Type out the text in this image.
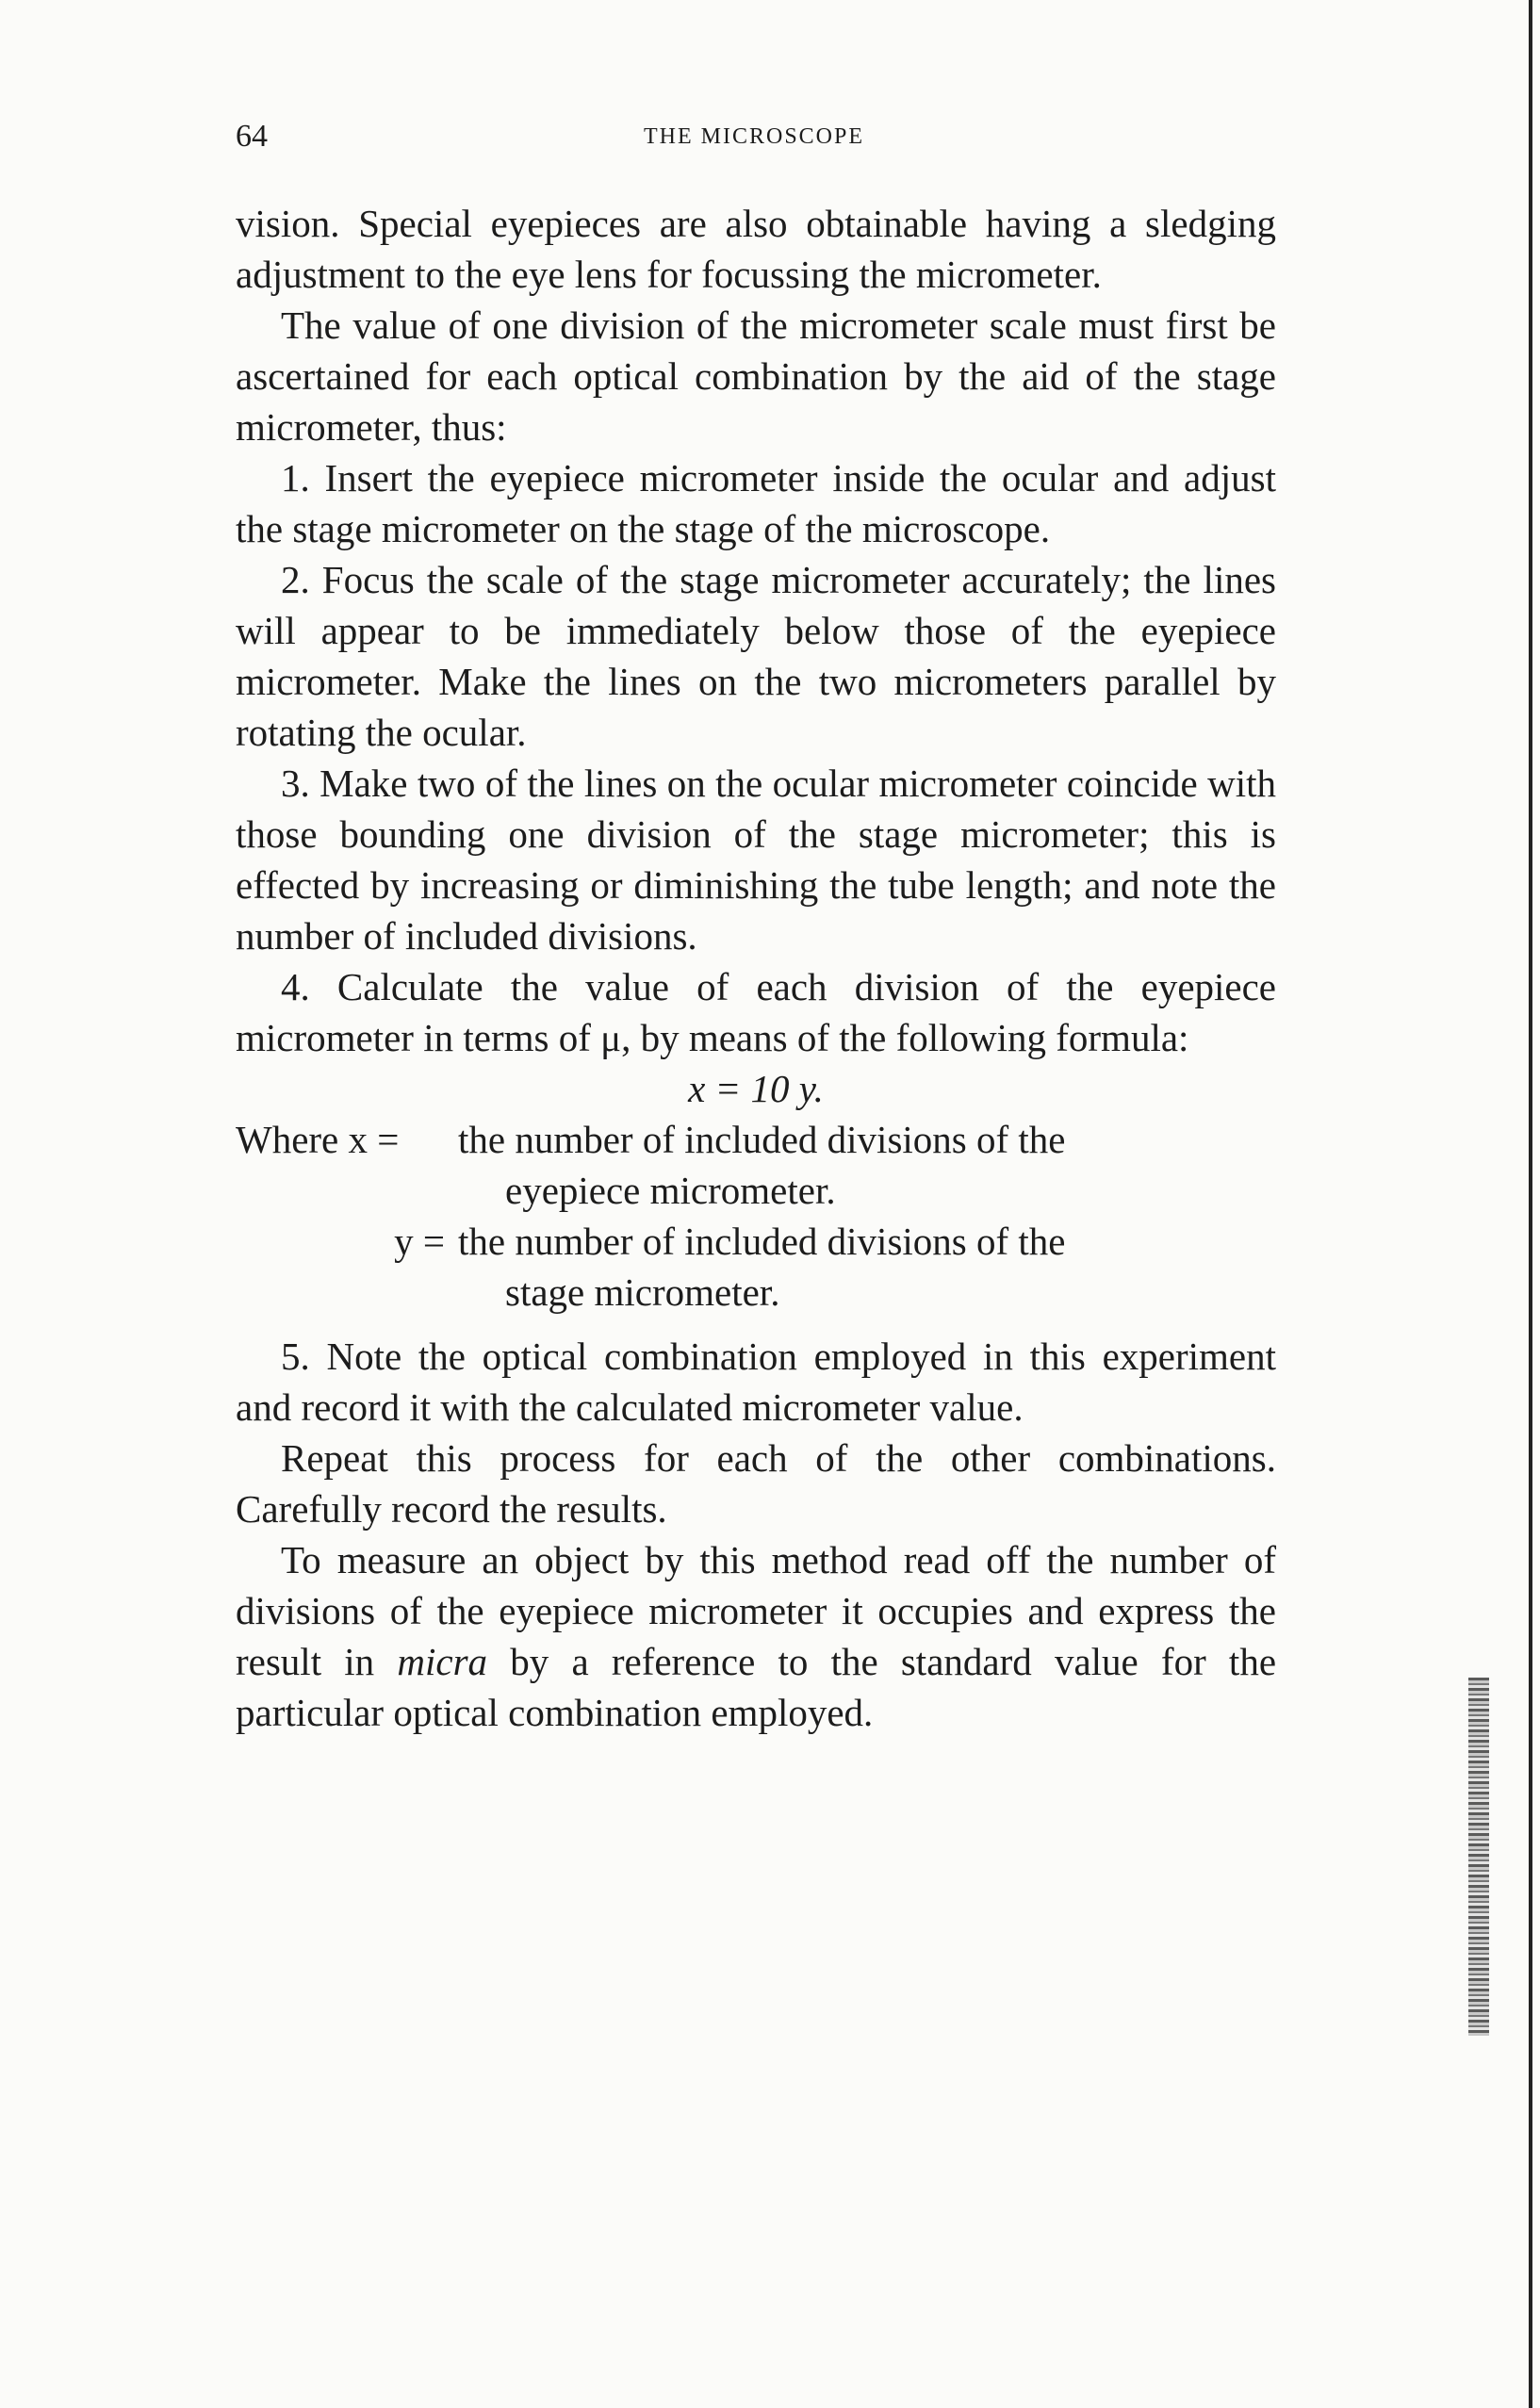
64	THE MICROSCOPE

vision. Special eyepieces are also obtainable having a sledging adjustment to the eye lens for focussing the micrometer.

The value of one division of the micrometer scale must first be ascertained for each optical combination by the aid of the stage micrometer, thus:

1. Insert the eyepiece micrometer inside the ocular and adjust the stage micrometer on the stage of the microscope.

2. Focus the scale of the stage micrometer accurately; the lines will appear to be immediately below those of the eyepiece micrometer. Make the lines on the two micrometers parallel by rotating the ocular.

3. Make two of the lines on the ocular micrometer coincide with those bounding one division of the stage micrometer; this is effected by increasing or diminishing the tube length; and note the number of included divisions.

4. Calculate the value of each division of the eyepiece micrometer in terms of μ, by means of the following formula:

x = 10 y.

Where x =	the number of included divisions of the
eyepiece micrometer.
y = the number of included divisions of the
stage micrometer.

5. Note the optical combination employed in this experiment and record it with the calculated micrometer value.

Repeat this process for each of the other combinations. Carefully record the results.

To measure an object by this method read off the number of divisions of the eyepiece micrometer it occupies and express the result in micra by a reference to the standard value for the particular optical combination employed.
